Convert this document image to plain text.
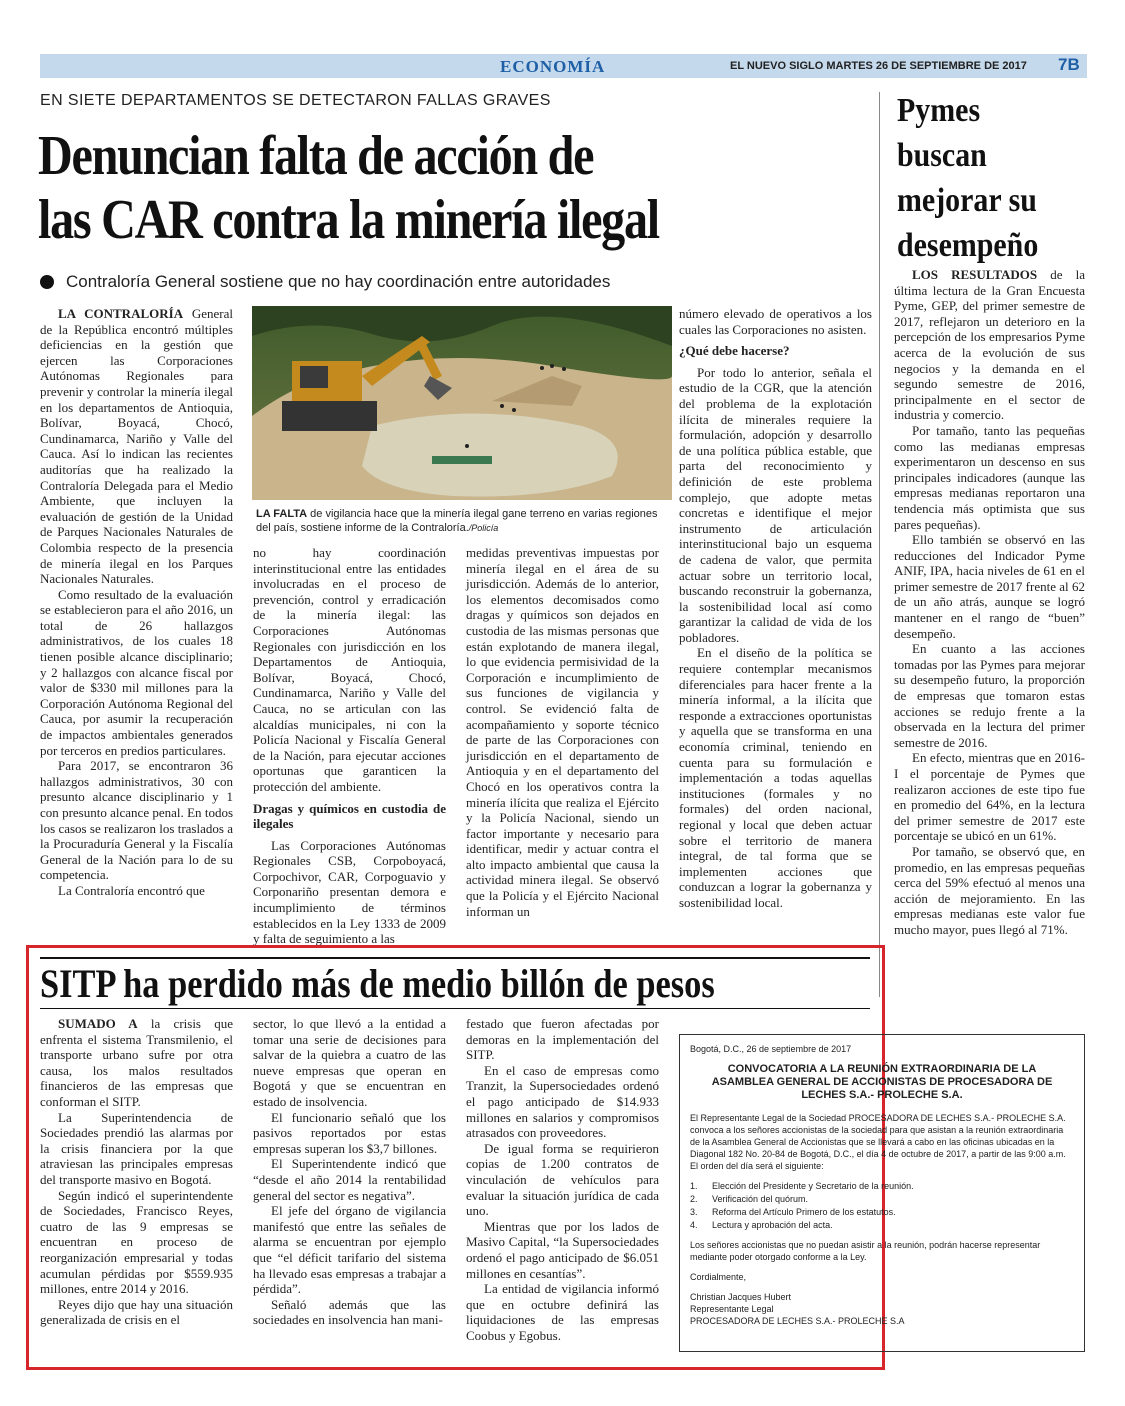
ECONOMÍA	EL NUEVO SIGLO MARTES 26 DE SEPTIEMBRE DE 2017 7B
EN SIETE DEPARTAMENTOS SE DETECTARON FALLAS GRAVES
Denuncian falta de acción de
las CAR contra la minería ilegal
Contraloría General sostiene que no hay coordinación entre autoridades

LA CONTRALORÍA General de la República encontró múltiples deficiencias en la gestión que ejercen las Corporaciones Autónomas Regionales para prevenir y controlar la minería ilegal en los departamentos de Antioquia, Bolívar, Boyacá, Chocó, Cundinamarca, Nariño y Valle del Cauca. Así lo indican las recientes auditorías que ha realizado la Contraloría Delegada para el Medio Ambiente, que incluyen la evaluación de gestión de la Unidad de Parques Nacionales Naturales de Colombia respecto de la presencia de minería ilegal en los Parques Nacionales Naturales.

Como resultado de la evaluación se establecieron para el año 2016, un total de 26 hallazgos administrativos, de los cuales 18 tienen posible alcance disciplinario; y 2 hallazgos con alcance fiscal por valor de $330 mil millones para la Corporación Autónoma Regional del Cauca, por asumir la recuperación de impactos ambientales generados por terceros en predios particulares.

Para 2017, se encontraron 36 hallazgos administrativos, 30 con presunto alcance disciplinario y 1 con presunto alcance penal. En todos los casos se realizaron los traslados a la Procuraduría General y la Fiscalía General de la Nación para lo de su competencia.

La Contraloría encontró que

LA FALTA de vigilancia hace que la minería ilegal gane terreno en varias regiones del país, sostiene informe de la Contraloría./Policía

no hay coordinación interinstitucional entre las entidades involucradas en el proceso de prevención, control y erradicación de la minería ilegal: las Corporaciones Autónomas Regionales con jurisdicción en los Departamentos de Antioquia, Bolívar, Boyacá, Chocó, Cundinamarca, Nariño y Valle del Cauca, no se articulan con las alcaldías municipales, ni con la Policía Nacional y Fiscalía General de la Nación, para ejecutar acciones oportunas que garanticen la protección del ambiente.

Dragas y químicos en custodia de ilegales

Las Corporaciones Autónomas Regionales CSB, Corpoboyacá, Corpochivor, CAR, Corpoguavio y Corponariño presentan demora e incumplimiento de términos establecidos en la Ley 1333 de 2009 y falta de seguimiento a las

medidas preventivas impuestas por minería ilegal en el área de su jurisdicción. Además de lo anterior, los elementos decomisados como dragas y químicos son dejados en custodia de las mismas personas que están explotando de manera ilegal, lo que evidencia permisividad de la Corporación e incumplimiento de sus funciones de vigilancia y control. Se evidenció falta de acompañamiento y soporte técnico de parte de las Corporaciones con jurisdicción en el departamento de Antioquia y en el departamento del Chocó en los operativos contra la minería ilícita que realiza el Ejército y la Policía Nacional, siendo un factor importante y necesario para identificar, medir y actuar contra el alto impacto ambiental que causa la actividad minera ilegal. Se observó que la Policía y el Ejército Nacional informan un

número elevado de operativos a los cuales las Corporaciones no asisten.

¿Qué debe hacerse?

Por todo lo anterior, señala el estudio de la CGR, que la atención del problema de la explotación ilícita de minerales requiere la formulación, adopción y desarrollo de una política pública estable, que parta del reconocimiento y definición de este problema complejo, que adopte metas concretas e identifique el mejor instrumento de articulación interinstitucional bajo un esquema de cadena de valor, que permita actuar sobre un territorio local, buscando reconstruir la gobernanza, la sostenibilidad local así como garantizar la calidad de vida de los pobladores.

En el diseño de la política se requiere contemplar mecanismos diferenciales para hacer frente a la minería informal, a la ilícita que responde a extracciones oportunistas y aquella que se transforma en una economía criminal, teniendo en cuenta para su formulación e implementación a todas aquellas instituciones (formales y no formales) del orden nacional, regional y local que deben actuar sobre el territorio de manera integral, de tal forma que se implementen acciones que conduzcan a lograr la gobernanza y sostenibilidad local.

Pymes
buscan
mejorar su
desempeño

LOS RESULTADOS de la última lectura de la Gran Encuesta Pyme, GEP, del primer semestre de 2017, reflejaron un deterioro en la percepción de los empresarios Pyme acerca de la evolución de sus negocios y la demanda en el segundo semestre de 2016, principalmente en el sector de industria y comercio.

Por tamaño, tanto las pequeñas como las medianas empresas experimentaron un descenso en sus principales indicadores (aunque las empresas medianas reportaron una tendencia más optimista que sus pares pequeñas).

Ello también se observó en las reducciones del Indicador Pyme ANIF, IPA, hacia niveles de 61 en el primer semestre de 2017 frente al 62 de un año atrás, aunque se logró mantener en el rango de “buen” desempeño.

En cuanto a las acciones tomadas por las Pymes para mejorar su desempeño futuro, la proporción de empresas que tomaron estas acciones se redujo frente a la observada en la lectura del primer semestre de 2016.

En efecto, mientras que en 2016-I el porcentaje de Pymes que realizaron acciones de este tipo fue en promedio del 64%, en la lectura del primer semestre de 2017 este porcentaje se ubicó en un 61%.

Por tamaño, se observó que, en promedio, en las empresas pequeñas cerca del 59% efectuó al menos una acción de mejoramiento. En las empresas medianas este valor fue mucho mayor, pues llegó al 71%.

SITP ha perdido más de medio billón de pesos

SUMADO A la crisis que enfrenta el sistema Transmilenio, el transporte urbano sufre por otra causa, los malos resultados financieros de las empresas que conforman el SITP.

La Superintendencia de Sociedades prendió las alarmas por la crisis financiera por la que atraviesan las principales empresas del transporte masivo en Bogotá.

Según indicó el superintendente de Sociedades, Francisco Reyes, cuatro de las 9 empresas se encuentran en proceso de reorganización empresarial y todas acumulan pérdidas por $559.935 millones, entre 2014 y 2016.

Reyes dijo que hay una situación generalizada de crisis en el

sector, lo que llevó a la entidad a tomar una serie de decisiones para salvar de la quiebra a cuatro de las nueve empresas que operan en Bogotá y que se encuentran en estado de insolvencia.

El funcionario señaló que los pasivos reportados por estas empresas superan los $3,7 billones.

El Superintendente indicó que “desde el año 2014 la rentabilidad general del sector es negativa”.

El jefe del órgano de vigilancia manifestó que entre las señales de alarma se encuentran por ejemplo que “el déficit tarifario del sistema ha llevado esas empresas a trabajar a pérdida”.

Señaló además que las sociedades en insolvencia han mani-

festado que fueron afectadas por demoras en la implementación del SITP.

En el caso de empresas como Tranzit, la Supersociedades ordenó el pago anticipado de $14.933 millones en salarios y compromisos atrasados con proveedores.

De igual forma se requirieron copias de 1.200 contratos de vinculación de vehículos para evaluar la situación jurídica de cada uno.

Mientras que por los lados de Masivo Capital, “la Supersociedades ordenó el pago anticipado de $6.051 millones en cesantías”.

La entidad de vigilancia informó que en octubre definirá las liquidaciones de las empresas Coobus y Egobus.

Bogotá, D.C., 26 de septiembre de 2017
CONVOCATORIA A LA REUNIÓN EXTRAORDINARIA DE LA ASAMBLEA GENERAL DE ACCIONISTAS DE PROCESADORA DE LECHES S.A.- PROLECHE S.A.
El Representante Legal de la Sociedad PROCESADORA DE LECHES S.A.- PROLECHE S.A. convoca a los señores accionistas de la sociedad para que asistan a la reunión extraordinaria de la Asamblea General de Accionistas que se llevará a cabo en las oficinas ubicadas en la Diagonal 182 No. 20-84 de Bogotá, D.C., el día 4 de octubre de 2017, a partir de las 9:00 a.m. El orden del día será el siguiente:
1.	Elección del Presidente y Secretario de la reunión.
2.	Verificación del quórum.
3.	Reforma del Artículo Primero de los estatutos.
4.	Lectura y aprobación del acta.
Los señores accionistas que no puedan asistir a la reunión, podrán hacerse representar mediante poder otorgado conforme a la Ley.
Cordialmente,
Christian Jacques Hubert
Representante Legal
PROCESADORA DE LECHES S.A.- PROLECHE S.A
